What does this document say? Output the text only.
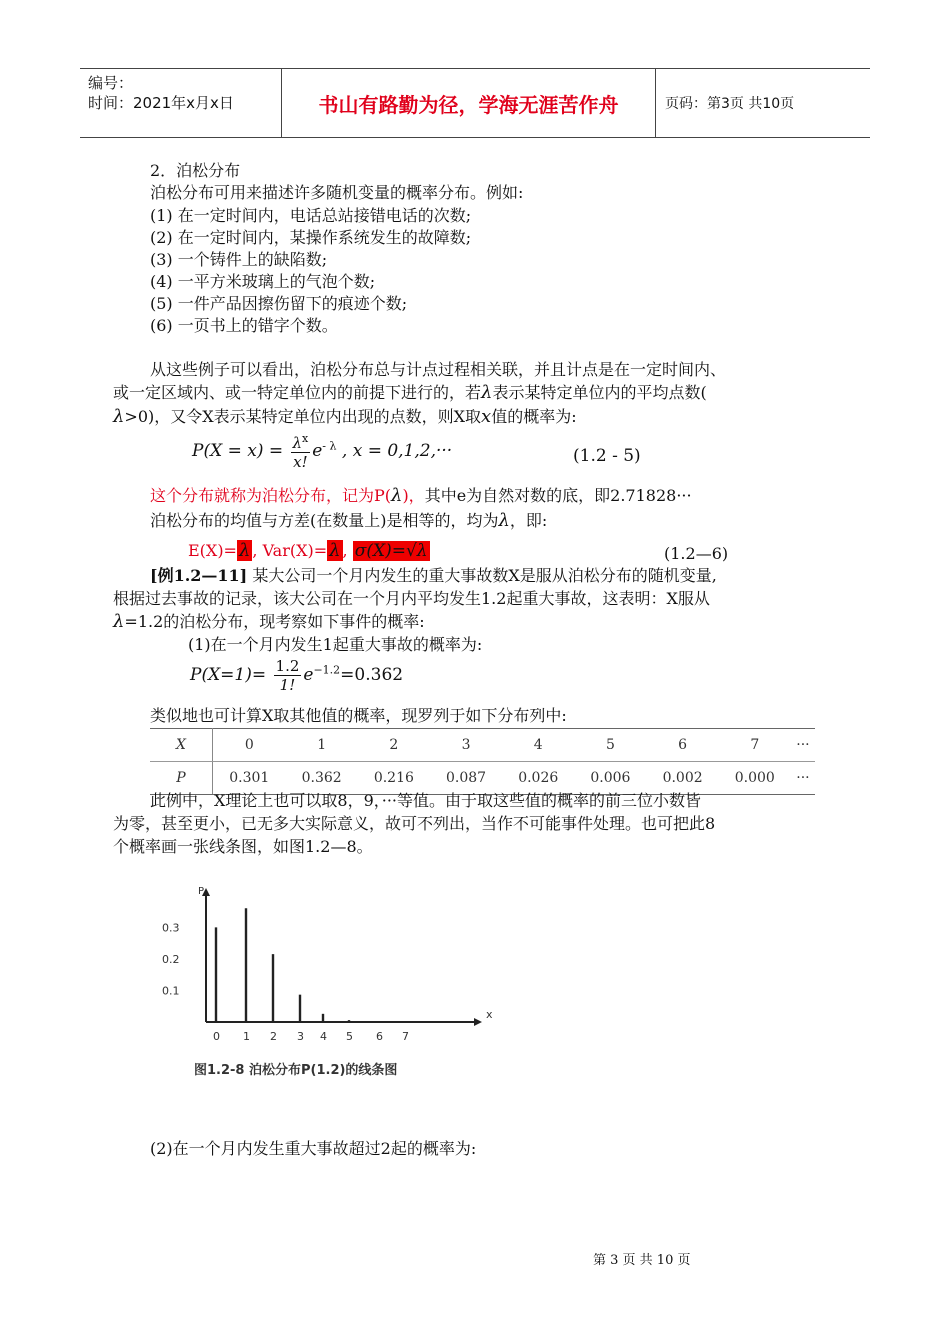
编号：
时间：2021年x月x日	书山有路勤为径，学海无涯苦作舟	页码：第3页 共10页
2．泊松分布
泊松分布可用来描述许多随机变量的概率分布。例如:
(1) 在一定时间内，电话总站接错电话的次数;
(2) 在一定时间内，某操作系统发生的故障数;
(3) 一个铸件上的缺陷数;
(4) 一平方米玻璃上的气泡个数;
(5) 一件产品因擦伤留下的痕迹个数;
(6) 一页书上的错字个数。
从这些例子可以看出，泊松分布总与计点过程相关联，并且计点是在一定时间内、
或一定区域内、或一特定单位内的前提下进行的，若λ表示某特定单位内的平均点数(
λ>0)，又令X表示某特定单位内出现的点数，则X取x值的概率为:
$P(X = x) = \frac{\lambda^x}{x!} e^{- \lambda}$ , x = 0,1,2,···	(1.2 - 5)
这个分布就称为泊松分布，记为P(λ)，其中e为自然对数的底，即2.71828···
泊松分布的均值与方差(在数量上)是相等的，均为λ，即:
E(X)= λ , Var(X)= λ , σ(X)=√λ	(1.2—6)
[例1.2—11] 某大公司一个月内发生的重大事故数X是服从泊松分布的随机变量,
根据过去事故的记录，该大公司在一个月内平均发生1.2起重大事故，这表明：X服从
λ=1.2的泊松分布，现考察如下事件的概率:
(1)在一个月内发生1起重大事故的概率为:
$P(X=1)= \frac{1.2}{1!} e^{-1.2}=0.362$
类似地也可计算X取其他值的概率，现罗列于如下分布列中:
X	0	1	2	3	4	5	6	7	···
P	0.301	0.362	0.216	0.087	0.026	0.006	0.002	0.000	···
此例中，X理论上也可以取8，9，···等值。由于取这些值的概率的前三位小数皆
为零，甚至更小，已无多大实际意义，故可不列出，当作不可能事件处理。也可把此8
个概率画一张线条图，如图1.2—8。
P
x
0.1
0.2
0.3
0 1 2 3 4 5 6 7
图1.2-8 泊松分布P(1.2)的线条图
(2)在一个月内发生重大事故超过2起的概率为:
第 3 页 共 10 页
